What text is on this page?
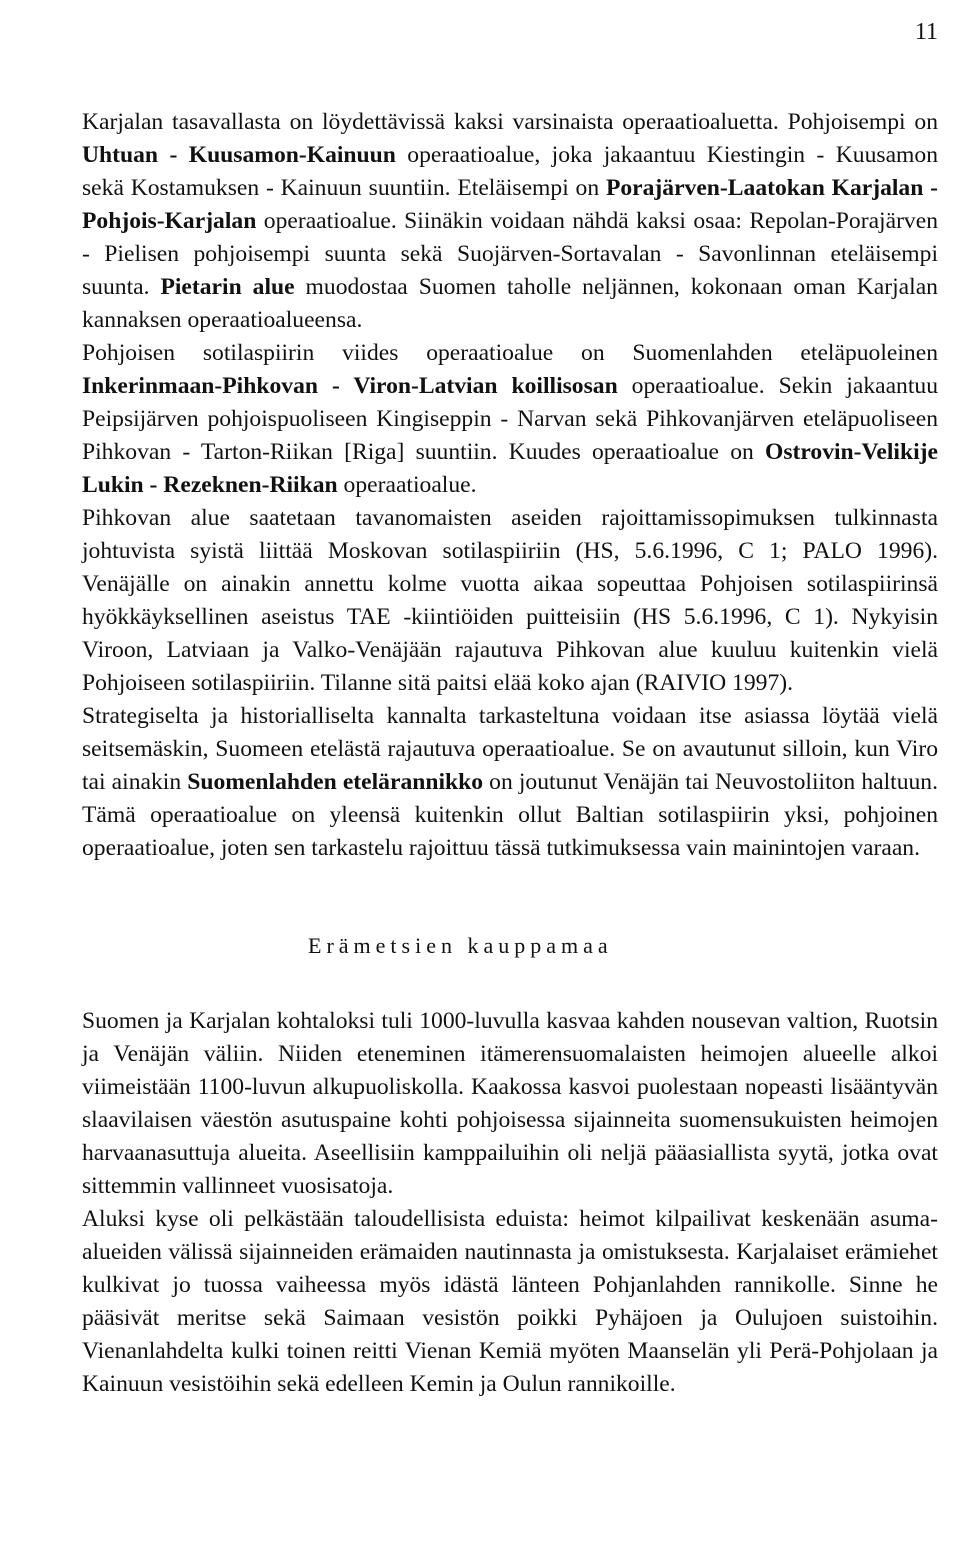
11

Karjalan tasavallasta on löydettävissä kaksi varsinaista operaatioaluetta. Pohjoisempi on Uhtuan - Kuusamon-Kainuun operaatioalue, joka jakaantuu Kiestingin - Kuusamon sekä Kostamuksen - Kainuun suuntiin. Eteläisempi on Porajärven-Laatokan Karjalan - Pohjois-Karjalan operaatioalue. Siinäkin voidaan nähdä kaksi osaa: Repolan-Porajärven - Pielisen pohjoisempi suunta sekä Suojärven-Sortavalan - Savonlinnan eteläisempi suunta. Pietarin alue muodostaa Suomen taholle neljännen, kokonaan oman Karjalan kannaksen operaatioalueensa.

Pohjoisen sotilaspiirin viides operaatioalue on Suomenlahden eteläpuoleinen Inkerinmaan-Pihkovan - Viron-Latvian koillisosan operaatioalue. Sekin jakaantuu Peipsijärven pohjoispuoliseen Kingiseppin - Narvan sekä Pihkovanjärven eteläpuoliseen Pihkovan - Tarton-Riikan [Riga] suuntiin. Kuudes operaatioalue on Ostrovin-Velikije Lukin - Rezeknen-Riikan operaatioalue.

Pihkovan alue saatetaan tavanomaisten aseiden rajoittamissopimuksen tulkinnasta johtuvista syistä liittää Moskovan sotilaspiiriin (HS, 5.6.1996, C 1; PALO 1996). Venäjälle on ainakin annettu kolme vuotta aikaa sopeuttaa Pohjoisen sotilaspiirinsä hyökkäyksellinen aseistus TAE -kiintiöiden puitteisiin (HS 5.6.1996, C 1). Nykyisin Viroon, Latviaan ja Valko-Venäjään rajautuva Pihkovan alue kuuluu kuitenkin vielä Pohjoiseen sotilaspiiriin. Tilanne sitä paitsi elää koko ajan (RAIVIO 1997).

Strategiselta ja historialliselta kannalta tarkasteltuna voidaan itse asiassa löytää vielä seitsemäskin, Suomeen etelästä rajautuva operaatioalue. Se on avautunut silloin, kun Viro tai ainakin Suomenlahden etelärannikko on joutunut Venäjän tai Neuvostoliiton haltuun. Tämä operaatioalue on yleensä kuitenkin ollut Baltian sotilaspiirin yksi, pohjoinen operaatioalue, joten sen tarkastelu rajoittuu tässä tutkimuksessa vain mainintojen varaan.

Erämetsien kauppamaa

Suomen ja Karjalan kohtaloksi tuli 1000-luvulla kasvaa kahden nousevan valtion, Ruotsin ja Venäjän väliin. Niiden eteneminen itämerensuomalaisten heimojen alueelle alkoi viimeistään 1100-luvun alkupuoliskolla. Kaakossa kasvoi puolestaan nopeasti lisääntyvän slaavilaisen väestön asutuspaine kohti pohjoisessa sijainneita suomensukuisten heimojen harvaanasuttuja alueita. Aseellisiin kamppailuihin oli neljä pääasiallista syytä, jotka ovat sittemmin vallinneet vuosisatoja.

Aluksi kyse oli pelkästään taloudellisista eduista: heimot kilpailivat keskenään asuma-alueiden välissä sijainneiden erämaiden nautinnasta ja omistuksesta. Karjalaiset erämiehet kulkivat jo tuossa vaiheessa myös idästä länteen Pohjanlahden rannikolle. Sinne he pääsivät meritse sekä Saimaan vesistön poikki Pyhäjoen ja Oulujoen suistoihin. Vienanlahdelta kulki toinen reitti Vienan Kemiä myöten Maanselän yli Perä-Pohjolaan ja Kainuun vesistöihin sekä edelleen Kemin ja Oulun rannikoille.
